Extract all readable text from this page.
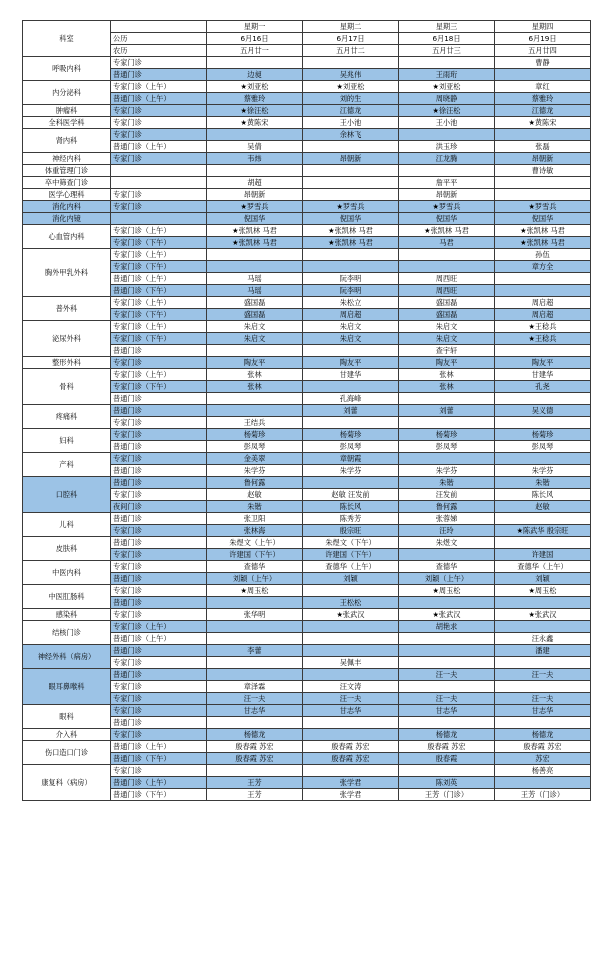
科室		星期一	星期二	星期三	星期四
	公历	6月16日	6月17日	6月18日	6月19日
	农历	五月廿一	五月廿二	五月廿三	五月廿四
呼吸内科	专家门诊				曹静
	普通门诊	边昶	吴兆伟	王雨珩	
内分泌科	专家门诊（上午）	★刘亚松	★刘亚松	★刘亚松	章红
	普通门诊（上午）	蔡雅玲	刘的生	周晓静	蔡雅玲
肿瘤科	专家门诊	★徐汪松	江德龙	★徐汪松	江德龙
全科医学科	专家门诊	★黄陈宋	王小池	王小池	★黄陈宋
肾内科	专家门诊		余林飞		
	普通门诊（上午）	吴倩		洪玉珍	张磊
神经内科	专家门诊	韦炜	昂朝新	江龙腾	昂朝新
体重管理门诊					曹诗敏
卒中筛查门诊		胡超		詹平平	
医学心理科	专家门诊	昂朝新		昂朝新	
消化内科	专家门诊	★罗雪兵	★罗雪兵	★罗雪兵	★罗雪兵
消化内镜		倪国华	倪国华	倪国华	倪国华
心血管内科	专家门诊（上午）	★张凯林 马君	★张凯林 马君	★张凯林 马君	★张凯林 马君
	专家门诊（下午）	★张凯林 马君	★张凯林 马君	马君	★张凯林 马君
胸外甲乳外科	专家门诊（上午）				孙伍
	专家门诊（下午）				章方全
	普通门诊（上午）	马瑶	阮李明	周西旺	
	普通门诊（下午）	马瑶	阮李明	周西旺	
普外科	专家门诊（上午）	盛国磊	朱松立	盛国磊	周启超
	专家门诊（下午）	盛国磊	周启超	盛国磊	周启超
泌尿外科	专家门诊（上午）	朱启文	朱启文	朱启文	★王稔兵
	专家门诊（下午）	朱启文	朱启文	朱启文	★王稔兵
	普通门诊			查宇轩	
整形外科	专家门诊	陶友平	陶友平	陶友平	陶友平
骨科	专家门诊（上午）	张林	甘建华	张林	甘建华
	专家门诊（下午）	张林		张林	孔尧
	普通门诊		孔海峰		
疼痛科	普通门诊		刘蕾	刘蕾	吴义德
	专家门诊	王结兵			
妇科	专家门诊	杨菊珍	杨菊珍	杨菊珍	杨菊珍
	普通门诊	彭凤琴	彭凤琴	彭凤琴	彭凤琴
产科	专家门诊	金美翠	章朝霞		
	普通门诊	朱学芬	朱学芬	朱学芬	朱学芬
口腔科	普通门诊	鲁何露		朱锴	朱锴
	专家门诊	赵敏	赵敏 汪发前	汪发前	陈长风
	夜间门诊	朱锴	陈长风	鲁何露	赵敏
儿科	普通门诊	张卫阳	陈秀芳	张蓉娣	
	专家门诊	张林海	殷宗旺	汪玲	★陈武华 殷宗旺
皮肤科	普通门诊	朱煜文（上午）	朱煜文（下午）	朱煜文	
	专家门诊	许建国（下午）	许建国（下午）		许建国
中医内科	专家门诊	查德华	查德华（上午）	查德华	查德华（上午）
	普通门诊	刘颖（上午）	刘颖	刘颖（上午）	刘颖
中医肛肠科	专家门诊	★周玉松		★周玉松	★周玉松
	普通门诊		王松松		
感染科	专家门诊	张华明	★张武汉	★张武汉	★张武汉
结核门诊	专家门诊（上午）			胡艳求	
	普通门诊（上午）				汪永鑫
神经外科（病房）	普通门诊	李蕾			潘建
	专家门诊		吴佩丰		
眼耳鼻喉科	普通门诊			汪一夫	汪一夫
	专家门诊	章泽霖	汪文涛		
	专家门诊	汪一夫	汪一夫	汪一夫	汪一夫
眼科	专家门诊	甘志华	甘志华	甘志华	甘志华
	普通门诊				
介入科	专家门诊	杨德龙		杨德龙	杨德龙
伤口造口门诊	普通门诊（上午）	殷春霞 苏宏	殷春霞 苏宏	殷春霞 苏宏	殷春霞 苏宏
	普通门诊（下午）	殷春霞 苏宏	殷春霞 苏宏	殷春霞	苏宏
康复科（病房）	专家门诊				杨善亮
	普通门诊（上午）	王芳	张学君	陈刘英	
	普通门诊（下午）	王芳	张学君	王芳（门诊）	王芳（门诊）
